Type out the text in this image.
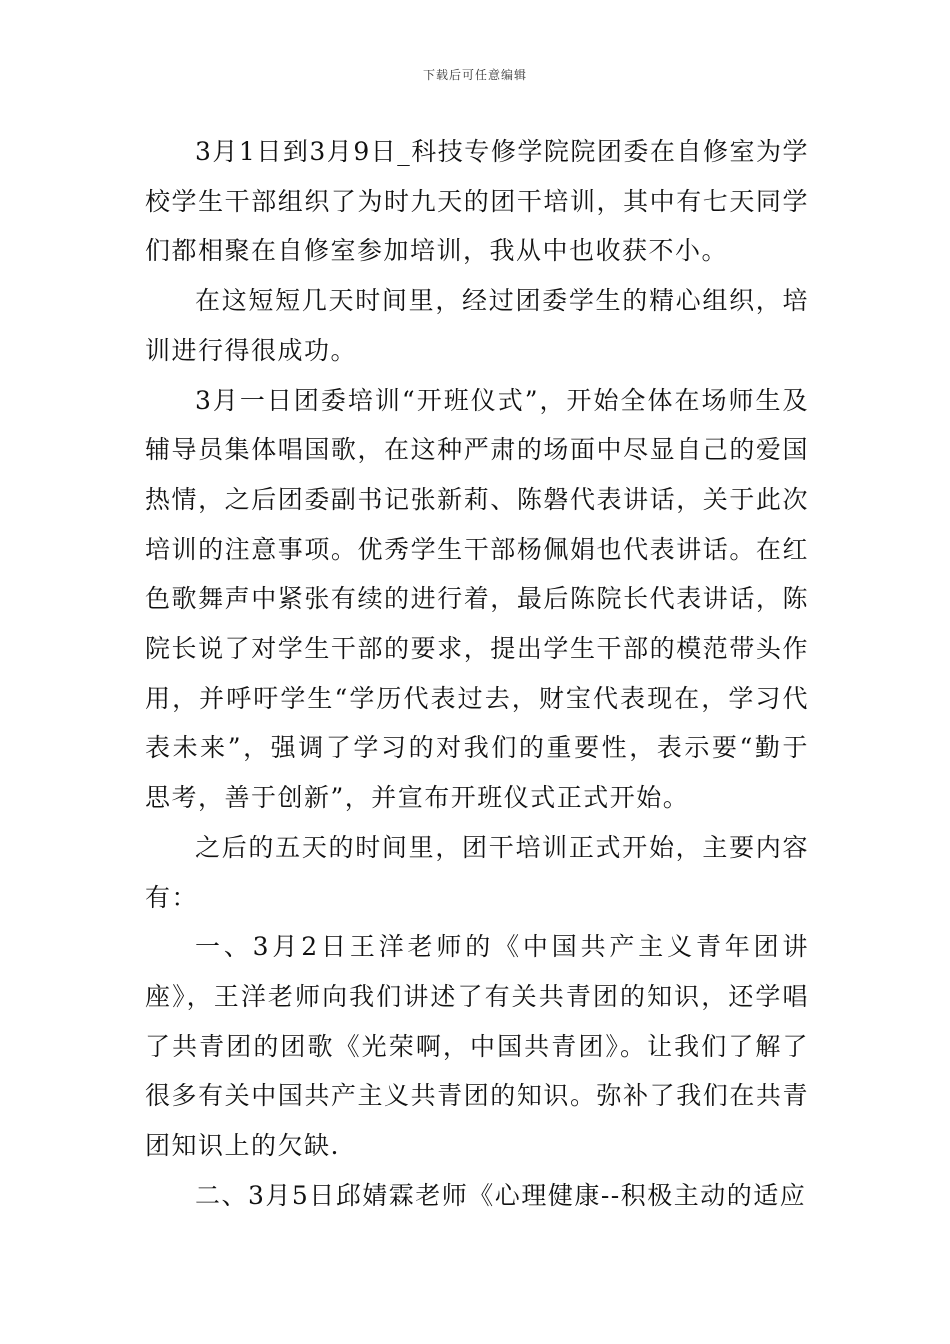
下载后可任意编辑

3月1日到3月9日_科技专修学院院团委在自修室为学校学生干部组织了为时九天的团干培训，其中有七天同学们都相聚在自修室参加培训，我从中也收获不小。

在这短短几天时间里，经过团委学生的精心组织，培训进行得很成功。

3月一日团委培训“开班仪式”，开始全体在场师生及辅导员集体唱国歌，在这种严肃的场面中尽显自己的爱国热情，之后团委副书记张新莉、陈磐代表讲话，关于此次培训的注意事项。优秀学生干部杨佩娟也代表讲话。在红色歌舞声中紧张有续的进行着，最后陈院长代表讲话，陈院长说了对学生干部的要求，提出学生干部的模范带头作用，并呼吁学生“学历代表过去，财宝代表现在，学习代表未来”，强调了学习的对我们的重要性，表示要“勤于思考，善于创新”，并宣布开班仪式正式开始。

之后的五天的时间里，团干培训正式开始，主要内容有：

一、3月2日王洋老师的《中国共产主义青年团讲座》，王洋老师向我们讲述了有关共青团的知识，还学唱了共青团的团歌《光荣啊，中国共青团》。让我们了解了很多有关中国共产主义共青团的知识。弥补了我们在共青团知识上的欠缺.

二、3月5日邱婧霖老师《心理健康--积极主动的适应
